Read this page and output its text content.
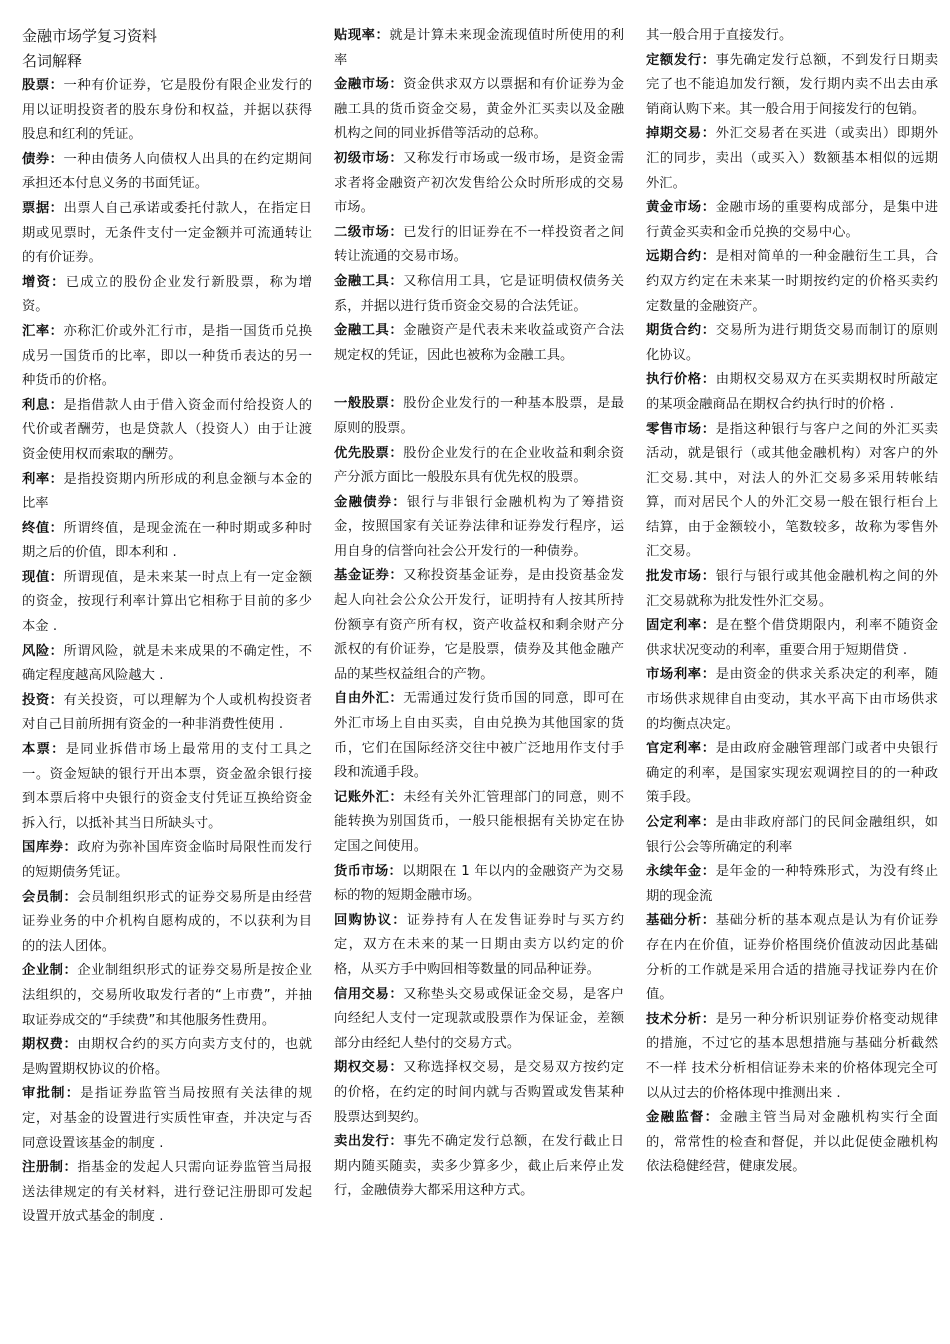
金融市场学复习资料
名词解释
股票：一种有价证券，它是股份有限企业发行的用以证明投资者的股东身份和权益，并据以获得股息和红利的凭证。
债券：一种由债务人向债权人出具的在约定期间承担还本付息义务的书面凭证。
票据：出票人自己承诺或委托付款人，在指定日期或见票时，无条件支付一定金额并可流通转让的有价证券。
增资：已成立的股份企业发行新股票，称为增资。
汇率：亦称汇价或外汇行市，是指一国货币兑换成另一国货币的比率，即以一种货币表达的另一种货币的价格。
利息：是指借款人由于借入资金而付给投资人的代价或者酬劳，也是贷款人（投资人）由于让渡资金使用权而索取的酬劳。
利率：是指投资期内所形成的利息金额与本金的比率
终值：所谓终值，是现金流在一种时期或多种时期之后的价值，即本利和 .
现值：所谓现值，是未来某一时点上有一定金额的资金，按现行利率计算出它相称于目前的多少本金 .
风险：所谓风险，就是未来成果的不确定性，不确定程度越高风险越大 .
投资：有关投资，可以理解为个人或机构投资者对自己目前所拥有资金的一种非消费性使用 .
本票：是同业拆借市场上最常用的支付工具之一。资金短缺的银行开出本票，资金盈余银行接到本票后将中央银行的资金支付凭证互换给资金拆入行，以抵补其当日所缺头寸。
国库券：政府为弥补国库资金临时局限性而发行的短期债务凭证。
会员制：会员制组织形式的证券交易所是由经营证券业务的中介机构自愿构成的，不以获利为目的的法人团体。
企业制：企业制组织形式的证券交易所是按企业法组织的，交易所收取发行者的“上市费”，并抽取证券成交的“手续费”和其他服务性费用。
期权费：由期权合约的买方向卖方支付的，也就是购置期权协议的价格。
审批制：是指证券监管当局按照有关法律的规定，对基金的设置进行实质性审查，并决定与否同意设置该基金的制度 .
注册制：指基金的发起人只需向证券监管当局报送法律规定的有关材料，进行登记注册即可发起设置开放式基金的制度 .
贴现率：就是计算未来现金流现值时所使用的利率
金融市场：资金供求双方以票据和有价证券为金融工具的货币资金交易，黄金外汇买卖以及金融机构之间的同业拆借等活动的总称。
初级市场：又称发行市场或一级市场，是资金需求者将金融资产初次发售给公众时所形成的交易市场。
二级市场：已发行的旧证券在不一样投资者之间转让流通的交易市场。
金融工具：又称信用工具，它是证明债权债务关系，并据以进行货币资金交易的合法凭证。
金融工具：金融资产是代表未来收益或资产合法规定权的凭证，因此也被称为金融工具。
一般股票：股份企业发行的一种基本股票，是最原则的股票。
优先股票：股份企业发行的在企业收益和剩余资产分派方面比一般股东具有优先权的股票。
金融债券：银行与非银行金融机构为了筹措资金，按照国家有关证券法律和证券发行程序，运用自身的信誉向社会公开发行的一种债券。
基金证券：又称投资基金证券，是由投资基金发起人向社会公众公开发行，证明持有人按其所持份额享有资产所有权，资产收益权和剩余财产分派权的有价证券，它是股票，债券及其他金融产品的某些权益组合的产物。
自由外汇：无需通过发行货币国的同意，即可在外汇市场上自由买卖，自由兑换为其他国家的货币，它们在国际经济交往中被广泛地用作支付手段和流通手段。
记账外汇：未经有关外汇管理部门的同意，则不能转换为别国货币，一般只能根据有关协定在协定国之间使用。
货币市场：以期限在 1 年以内的金融资产为交易标的物的短期金融市场。
回购协议：证券持有人在发售证券时与买方约定，双方在未来的某一日期由卖方以约定的价格，从买方手中购回相等数量的同品种证券。
信用交易：又称垫头交易或保证金交易，是客户向经纪人支付一定现款或股票作为保证金，差额部分由经纪人垫付的交易方式。
期权交易：又称选择权交易，是交易双方按约定的价格，在约定的时间内就与否购置或发售某种股票达到契约。
卖出发行：事先不确定发行总额，在发行截止日期内随买随卖，卖多少算多少，截止后来停止发行，金融债券大都采用这种方式。
其一般合用于直接发行。
定额发行：事先确定发行总额，不到发行日期卖完了也不能追加发行额，发行期内卖不出去由承销商认购下来。其一般合用于间接发行的包销。
掉期交易：外汇交易者在买进（或卖出）即期外汇的同步，卖出（或买入）数额基本相似的远期外汇。
黄金市场：金融市场的重要构成部分，是集中进行黄金买卖和金币兑换的交易中心。
远期合约：是相对简单的一种金融衍生工具，合约双方约定在未来某一时期按约定的价格买卖约定数量的金融资产。
期货合约：交易所为进行期货交易而制订的原则化协议。
执行价格：由期权交易双方在买卖期权时所敲定的某项金融商品在期权合约执行时的价格 .
零售市场：是指这种银行与客户之间的外汇买卖活动，就是银行（或其他金融机构）对客户的外汇交易.其中，对法人的外汇交易多采用转帐结算，而对居民个人的外汇交易一般在银行柜台上结算，由于金额较小，笔数较多，故称为零售外汇交易。
批发市场：银行与银行或其他金融机构之间的外汇交易就称为批发性外汇交易。
固定利率：是在整个借贷期限内，利率不随资金供求状况变动的利率，重要合用于短期借贷 .
市场利率：是由资金的供求关系决定的利率，随市场供求规律自由变动，其水平高下由市场供求的均衡点决定。
官定利率：是由政府金融管理部门或者中央银行确定的利率，是国家实现宏观调控目的的一种政策手段。
公定利率：是由非政府部门的民间金融组织，如银行公会等所确定的利率
永续年金：是年金的一种特殊形式，为没有终止期的现金流
基础分析：基础分析的基本观点是认为有价证券存在内在价值，证券价格围绕价值波动因此基础分析的工作就是采用合适的措施寻找证券内在价值。
技术分析：是另一种分析识别证券价格变动规律的措施，不过它的基本思想措施与基础分析截然不一样 技术分析相信证券未来的价格体现完全可以从过去的价格体现中推测出来 .
金融监督：金融主管当局对金融机构实行全面的，常常性的检查和督促，并以此促使金融机构依法稳健经营，健康发展。
